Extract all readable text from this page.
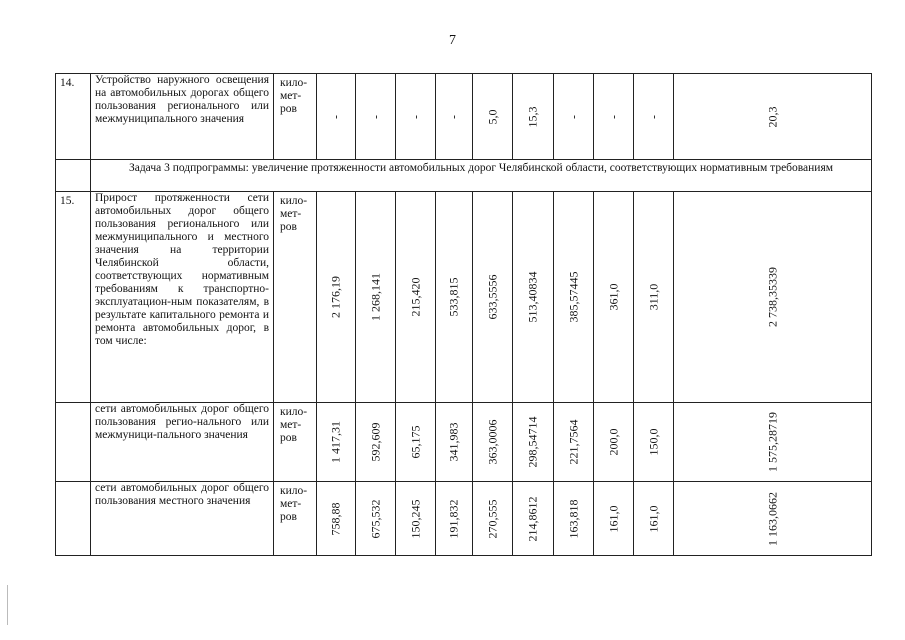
7
14.	Устройство наружного освещения на автомобильных дорогах общего пользования регионального или межмуниципального значения	кило-мет-ров	-	-	-	-	5,0	15,3	-	-	-	20,3

	Задача 3 подпрограммы: увеличение протяженности автомобильных дорог Челябинской области, соответствующих нормативным требованиям											
15.	Прирост протяженности сети автомобильных дорог общего пользования регионального или межмуниципального и местного значения на территории Челябинской области, соответствующих нормативным требованиям к транспортно-эксплуатацион-ным показателям, в результате капитального ремонта и ремонта автомобильных дорог, в том числе:	кило-мет-ров	2 176,19	1 268,141	215,420	533,815	633,5556	513,40834	385,57445	361,0	311,0	2 738,35339

	сети автомобильных дорог общего пользования регио-нального или межмуници-пального значения	кило-мет-ров	1 417,31	592,609	65,175	341,983	363,0006	298,54714	221,7564	200,0	150,0	1 575,28719

	сети автомобильных дорог общего пользования местного значения	кило-мет-ров	758,88	675,532	150,245	191,832	270,555	214,8612	163,818	161,0	161,0	1 163,0662
